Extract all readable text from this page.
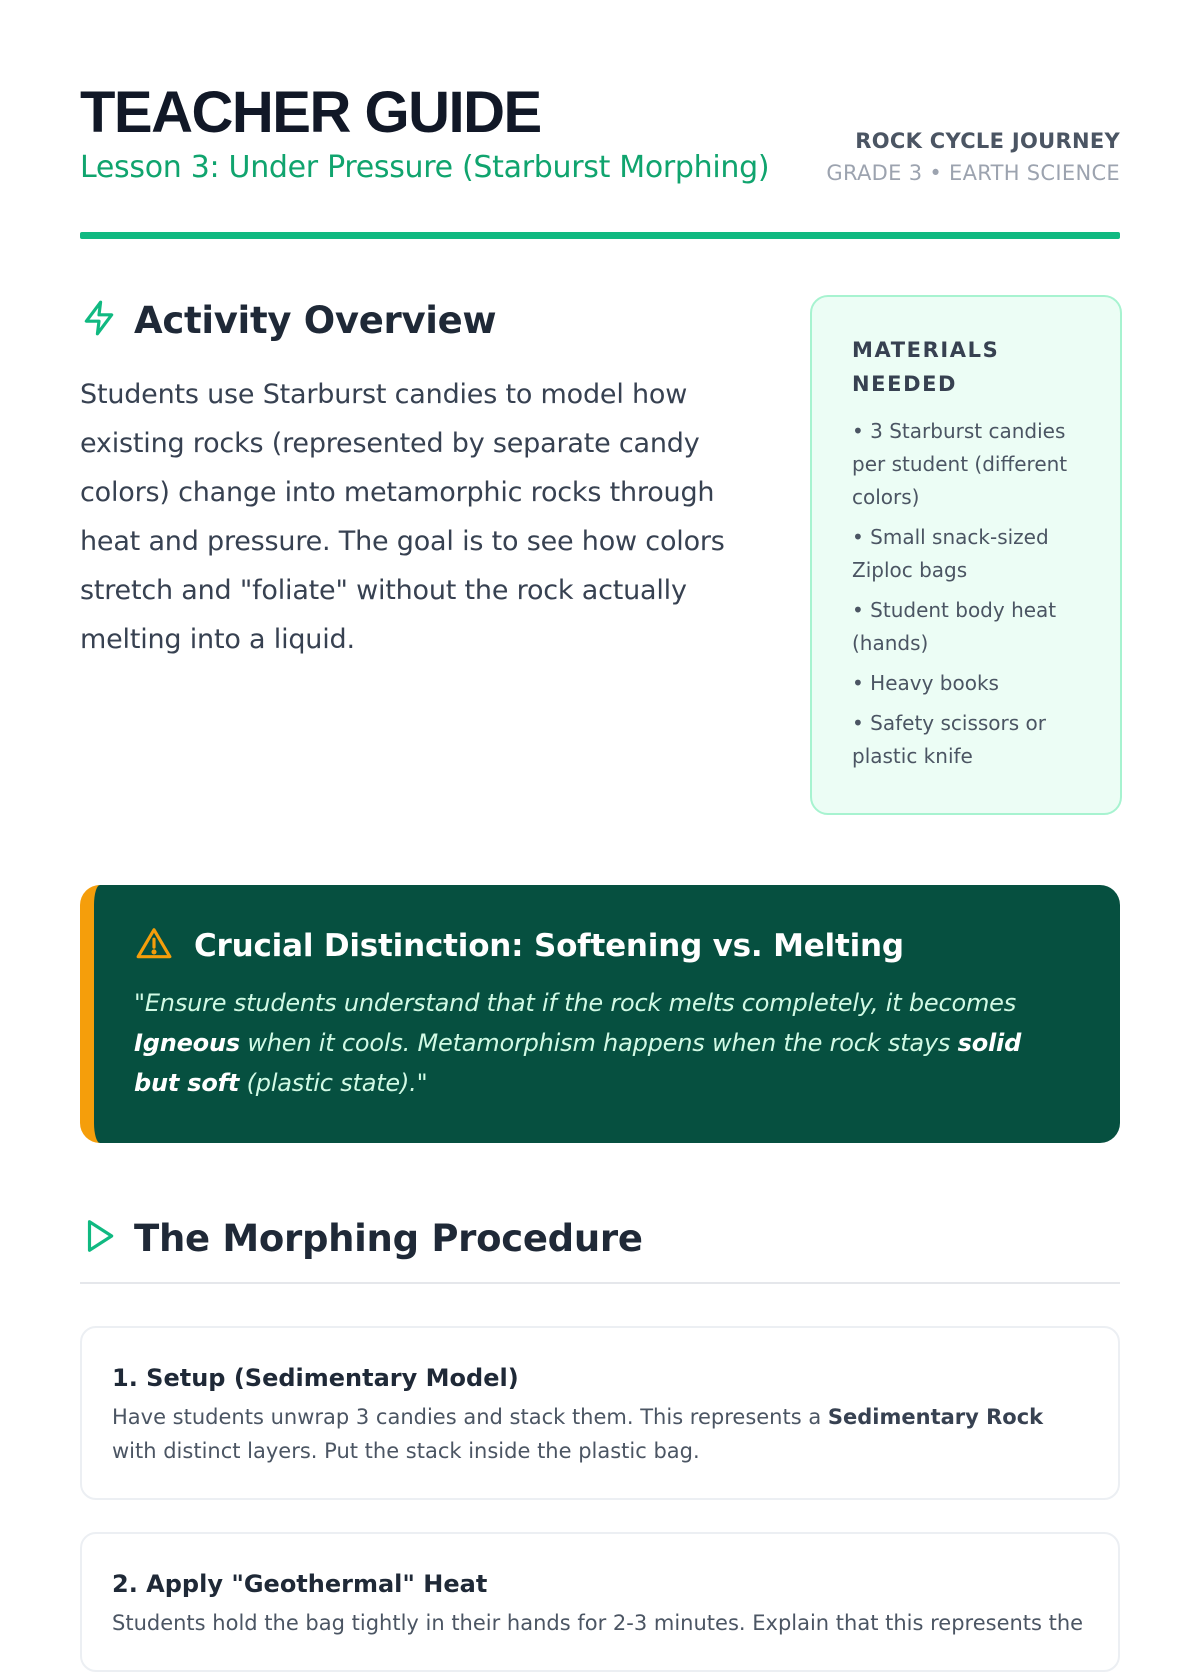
TEACHER GUIDE

Lesson 3: Under Pressure (Starburst Morphing)

ROCK CYCLE JOURNEY
GRADE 3 • EARTH SCIENCE
Activity Overview
Students use Starburst candies to model how existing rocks (represented by separate candy colors) change into metamorphic rocks through heat and pressure. The goal is to see how colors stretch and "foliate" without the rock actually melting into a liquid.
MATERIALS NEEDED
• 3 Starburst candies per student (different colors)
• Small snack-sized Ziploc bags
• Student body heat (hands)
• Heavy books
• Safety scissors or plastic knife
Crucial Distinction: Softening vs. Melting
"Ensure students understand that if the rock melts completely, it becomes Igneous when it cools. Metamorphism happens when the rock stays solid but soft (plastic state)."
The Morphing Procedure
1. Setup (Sedimentary Model)
Have students unwrap 3 candies and stack them. This represents a Sedimentary Rock with distinct layers. Put the stack inside the plastic bag.
2. Apply "Geothermal" Heat
Students hold the bag tightly in their hands for 2-3 minutes. Explain that this represents the
